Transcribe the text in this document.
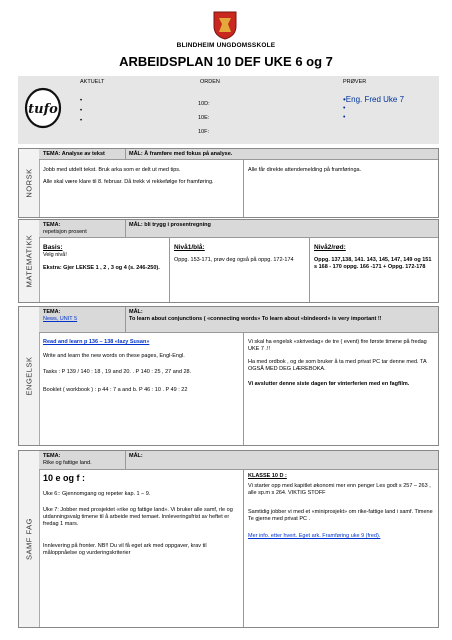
BLINDHEIM UNGDOMSSKOLE
ARBEIDSPLAN 10 DEF UKE 6 og 7
tufo
AKTUELT	ORDEN	PRØVER
•
•
•
10D:
10E:
10F:
•Eng. Fred Uke 7
•
•
NORSK
TEMA: Analyse av tekst	MÅL: Å framføre med fokus på analyse.
Jobb med utdelt tekst. Bruk arka som er delt ut med tips.
Alle skal være klare til 8. februar. Då trekk vi rekkefølge for framføring.
Alle får direkte attendemelding på framføringa.
MATEMATIKK
TEMA:
repetisjon prosent
MÅL: bli trygg i prosentregning
Basis:
Velg nivå!
Ekstra: Gjer LEKSE 1 , 2 , 3 og 4 (s. 246-250).
Nivå1/blå:
Oppg. 153-171, prøv deg også på oppg. 172-174
Nivå2/rød:
Oppg. 137,138, 141. 143, 145, 147, 149 og 151 s 168 - 170 oppg. 166 -171 + Oppg. 172-178
ENGELSK
TEMA:
News, UNIT 5
MÅL:
To learn about conjunctions ( «connecting words» To learn about «bindeord» is very important !!
Read and learn p 136 – 138 «lazy Susan»
Write and learn the new words on these pages, Engl-Engl.
Tasks : P 139 / 140 : 18 , 19 and 20. . P 140 : 25 , 27 and 28.
Booklet ( workbook ) : p 44 : 7 a and b. P 46 : 10 . P 49 : 22
Vi skal ha engelsk «skrivedag» de tre ( event) fire første timene på fredag UKE 7 .!!
Ha med ordbok , og de som bruker å ta med privat PC tar denne med. TA OGSÅ MED DEG LÆREBOKA.
Vi avslutter denne siste dagen før vinterferien med en fagfilm.
SAMF FAG
TEMA:
Rike og fattige land.
MÅL:
10 e og f :
Uke 6:: Gjennomgang og repeter kap. 1 – 9.
Uke 7: Jobber med prosjektet «rike og fattige land». Vi bruker alle samf, rle og utdanningsvalg timene til å arbeide med temaet. Innleveringsfrist av heftet er fredag 1 mars.
Innlevering på fronter. NB!! Du vil få eget ark med oppgaver, krav til måloppnåelse og vurderingskriterier
KLASSE 10 D :
Vi starter opp med kapitlet økonomi mer enn penger Les godt s 257 – 263 , alle sp.m s 264. VIKTIG STOFF
Samtidig jobber vi med et «miniprosjekt» om rike-fattige land i samf. Timene Te gjerne med privat PC .
Mer info. etter hvert. Eget ark. Framføring uke 9 (fred).
